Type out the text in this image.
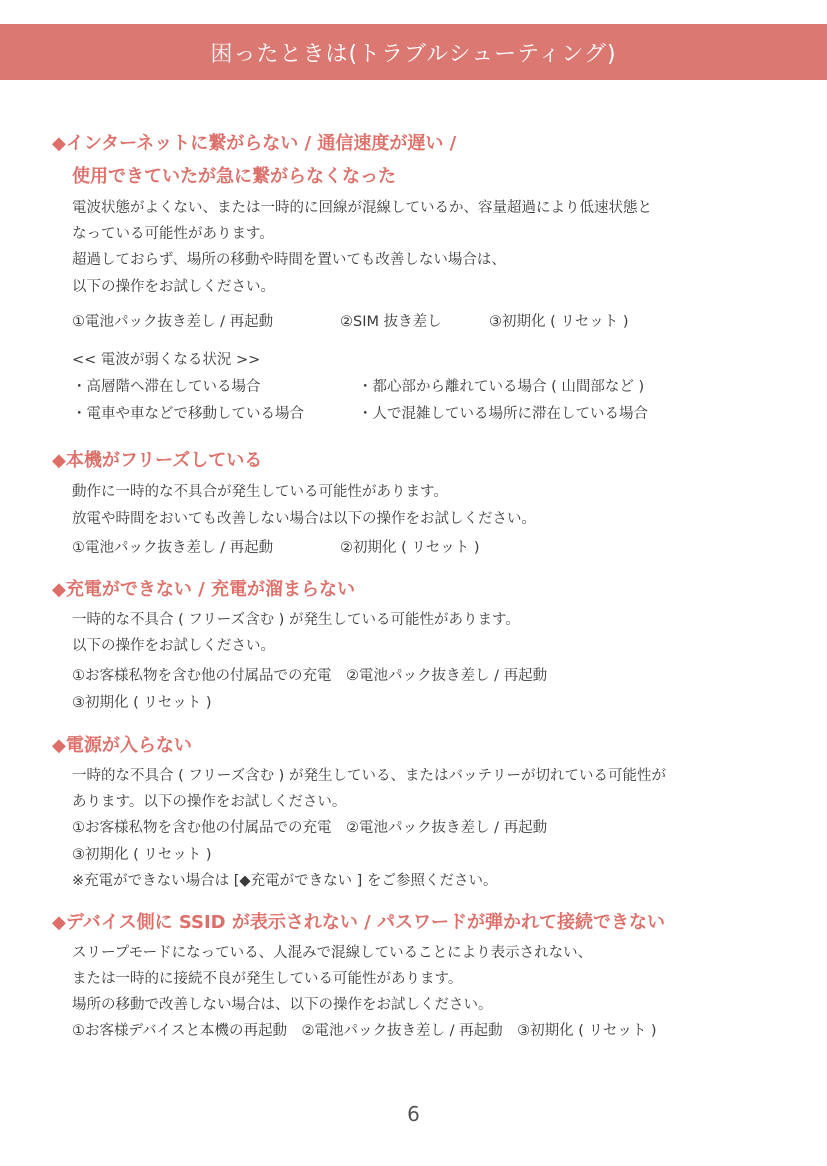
困ったときは(トラブルシューティング)
◆インターネットに繋がらない / 通信速度が遅い /
使用できていたが急に繋がらなくなった
電波状態がよくない、または一時的に回線が混線しているか、容量超過により低速状態と
なっている可能性があります。
超過しておらず、場所の移動や時間を置いても改善しない場合は、
以下の操作をお試しください。
①電池パック抜き差し / 再起動	②SIM 抜き差し	③初期化 ( リセット )
<< 電波が弱くなる状況 >>
・高層階へ滞在している場合	・都心部から離れている場合 ( 山間部など )
・電車や車などで移動している場合	・人で混雑している場所に滞在している場合
◆本機がフリーズしている
動作に一時的な不具合が発生している可能性があります。
放電や時間をおいても改善しない場合は以下の操作をお試しください。
①電池パック抜き差し / 再起動	②初期化 ( リセット )
◆充電ができない / 充電が溜まらない
一時的な不具合 ( フリーズ含む ) が発生している可能性があります。
以下の操作をお試しください。
①お客様私物を含む他の付属品での充電　②電池パック抜き差し / 再起動
③初期化 ( リセット )
◆電源が入らない
一時的な不具合 ( フリーズ含む ) が発生している、またはバッテリーが切れている可能性が
あります。以下の操作をお試しください。
①お客様私物を含む他の付属品での充電　②電池パック抜き差し / 再起動
③初期化 ( リセット )
※充電ができない場合は [◆充電ができない ] をご参照ください。
◆デバイス側に SSID が表示されない / パスワードが弾かれて接続できない
スリープモードになっている、人混みで混線していることにより表示されない、
または一時的に接続不良が発生している可能性があります。
場所の移動で改善しない場合は、以下の操作をお試しください。
①お客様デバイスと本機の再起動　②電池パック抜き差し / 再起動　③初期化 ( リセット )
6
